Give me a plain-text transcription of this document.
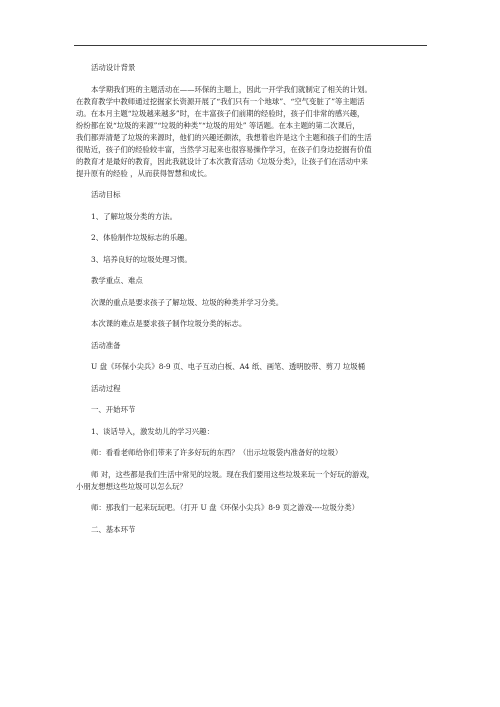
活动设计背景

本学期我们班的主题活动在——环保的主题上，因此一开学我们就制定了相关的计划。

在教育教学中教师通过挖掘家长资源开展了“我们只有一个地球”、“空气变脏了”等主题活

动。在本月主题“垃圾越来越多”时，在丰富孩子们前期的经验时，孩子们非常的感兴趣，

纷纷都在说“垃圾的来源”“垃圾的种类”“垃圾的用处” 等话题。在本主题的第二次课后，

我们都弄清楚了垃圾的来源时，他们的兴趣还颇浓，我想着也许是这个主题和孩子们的生活

很贴近，孩子们的经验较丰富，当然学习起来也很容易操作学习，在孩子们身边挖掘有价值

的教育才是最好的教育，因此我就设计了本次教育活动《垃圾分类》，让孩子们在活动中来

提升原有的经验 ，从而获得智慧和成长。

活动目标

1、了解垃圾分类的方法。

2、体验制作垃圾标志的乐趣。

3、培养良好的垃圾处理习惯。

教学重点、难点

次课的重点是要求孩子了解垃圾、垃圾的种类并学习分类。

本次课的难点是要求孩子制作垃圾分类的标志。

活动准备

U 盘《环保小尖兵》8-9 页、电子互动白板、A4 纸、画笔、透明胶带、剪刀 垃圾桶

活动过程

一、开始环节

1、谈话导入，激发幼儿的学习兴趣：

师：看看老师给你们带来了许多好玩的东西？（出示垃圾袋内准备好的垃圾）

师 对，这些都是我们生活中常见的垃圾。现在我们要用这些垃圾来玩一个好玩的游戏，

小朋友想想这些垃圾可以怎么玩？

师：那我们一起来玩玩吧。（打开 U 盘《环保小尖兵》8-9 页之游戏----垃圾分类）

二、基本环节
